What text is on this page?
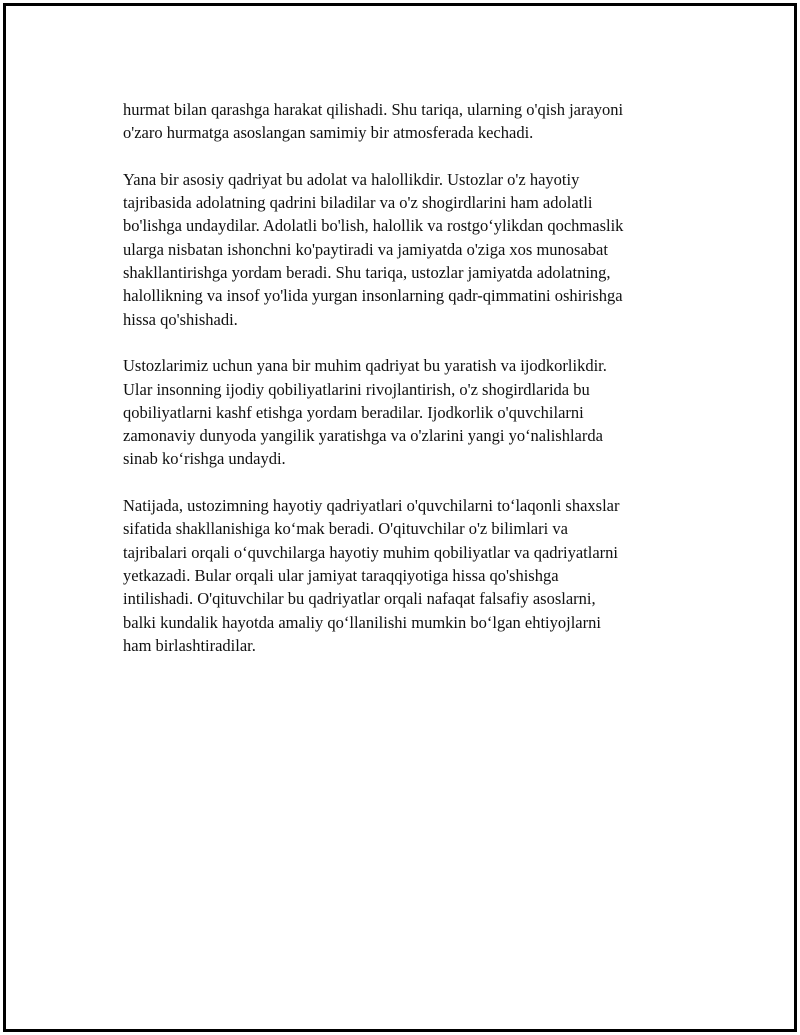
hurmat bilan qarashga harakat qilishadi. Shu tariqa, ularning o'qish jarayoni
o'zaro hurmatga asoslangan samimiy bir atmosferada kechadi.

Yana bir asosiy qadriyat bu adolat va halollikdir. Ustozlar o'z hayotiy
tajribasida adolatning qadrini biladilar va o'z shogirdlarini ham adolatli
bo'lishga undaydilar. Adolatli bo'lish, halollik va rostgo‘ylikdan qochmaslik
ularga nisbatan ishonchni ko'paytiradi va jamiyatda o'ziga xos munosabat
shakllantirishga yordam beradi. Shu tariqa, ustozlar jamiyatda adolatning,
halollikning va insof yo'lida yurgan insonlarning qadr-qimmatini oshirishga
hissa qo'shishadi.

Ustozlarimiz uchun yana bir muhim qadriyat bu yaratish va ijodkorlikdir.
Ular insonning ijodiy qobiliyatlarini rivojlantirish, o'z shogirdlarida bu
qobiliyatlarni kashf etishga yordam beradilar. Ijodkorlik o'quvchilarni
zamonaviy dunyoda yangilik yaratishga va o'zlarini yangi yo‘nalishlarda
sinab ko‘rishga undaydi.

Natijada, ustozimning hayotiy qadriyatlari o'quvchilarni to‘laqonli shaxslar
sifatida shakllanishiga ko‘mak beradi. O'qituvchilar o'z bilimlari va
tajribalari orqali o‘quvchilarga hayotiy muhim qobiliyatlar va qadriyatlarni
yetkazadi. Bular orqali ular jamiyat taraqqiyotiga hissa qo'shishga
intilishadi. O'qituvchilar bu qadriyatlar orqali nafaqat falsafiy asoslarni,
balki kundalik hayotda amaliy qo‘llanilishi mumkin bo‘lgan ehtiyojlarni
ham birlashtiradilar.
